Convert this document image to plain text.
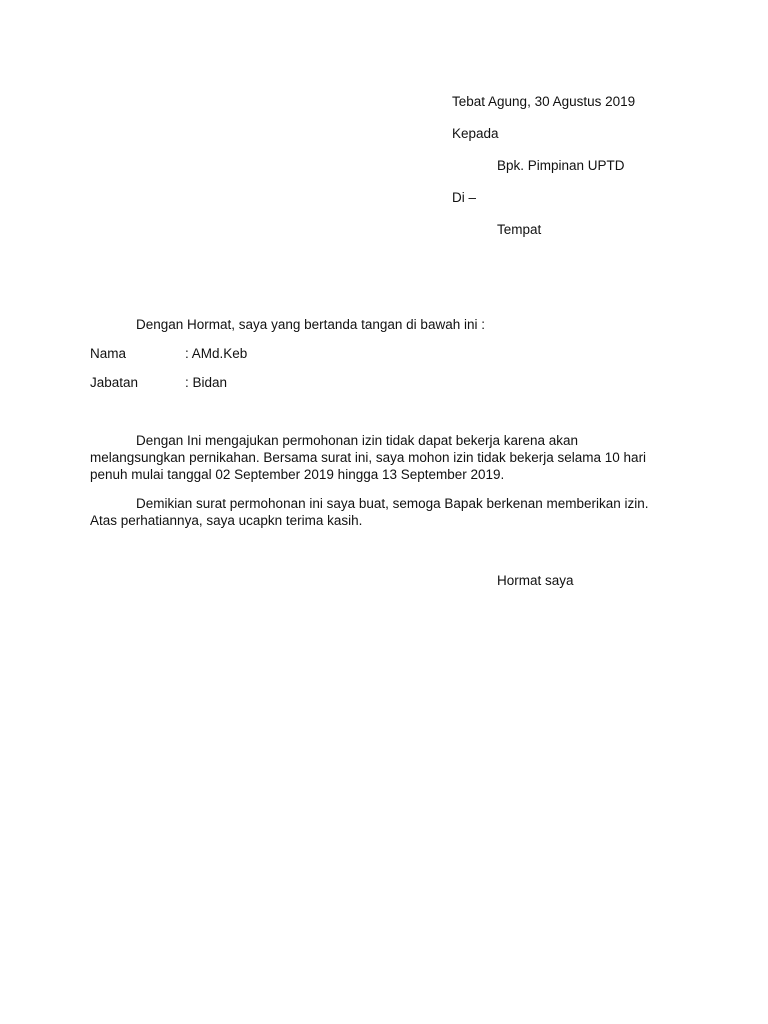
Tebat Agung, 30 Agustus 2019
Kepada
Bpk. Pimpinan UPTD
Di –
Tempat
Dengan Hormat, saya yang bertanda tangan di bawah ini :
Nama	: AMd.Keb
Jabatan	: Bidan
Dengan Ini mengajukan permohonan izin tidak dapat bekerja karena akan melangsungkan pernikahan. Bersama surat ini, saya mohon izin tidak bekerja selama 10 hari penuh mulai tanggal 02 September 2019 hingga 13 September 2019.
Demikian surat permohonan ini saya buat, semoga Bapak berkenan memberikan izin. Atas perhatiannya, saya ucapkn terima kasih.
Hormat saya
